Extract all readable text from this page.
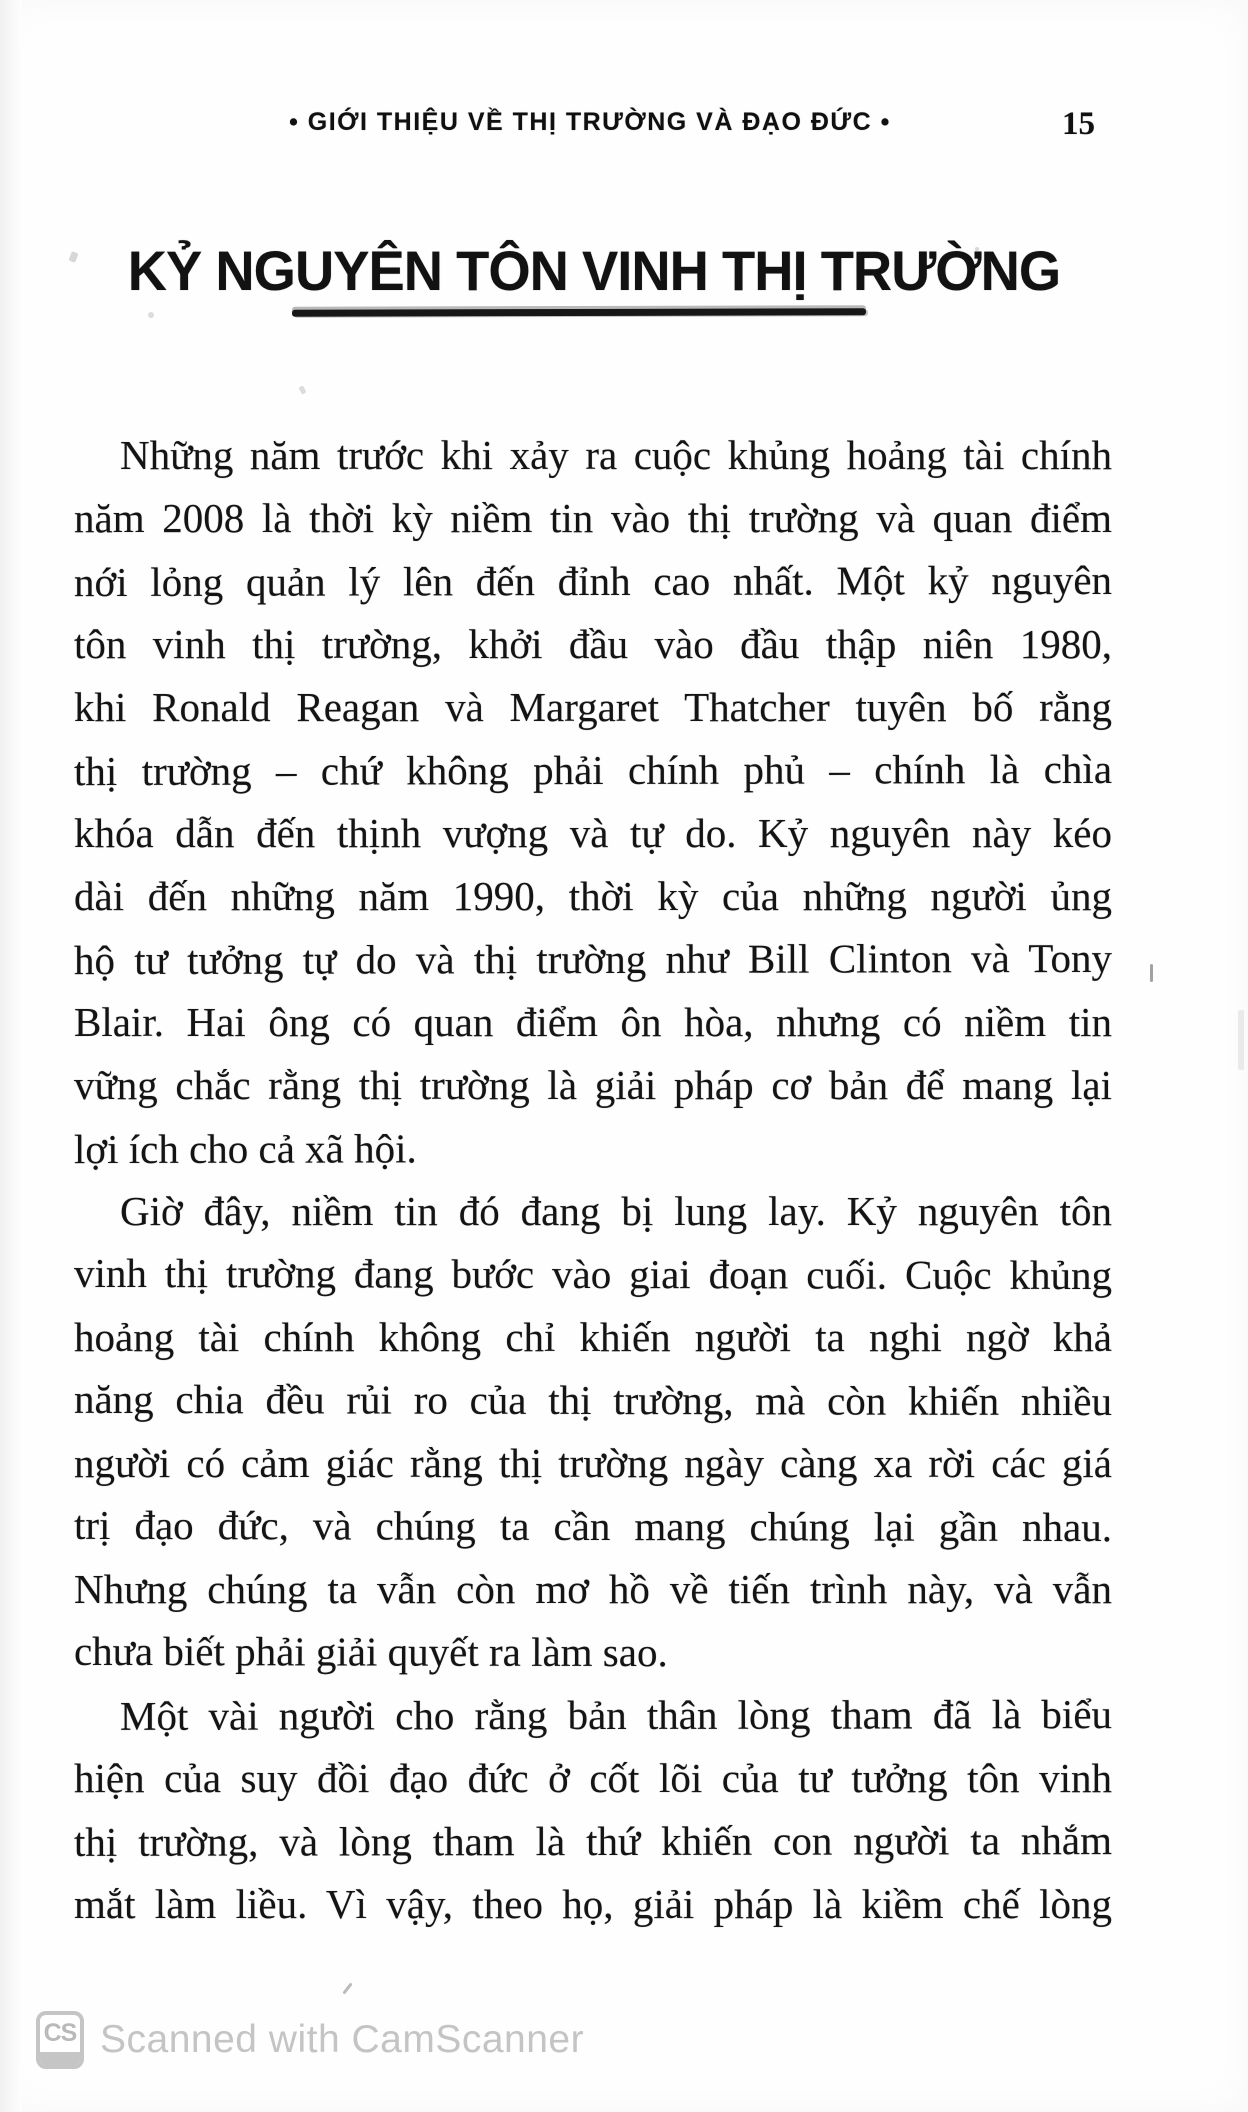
• GIỚI THIỆU VỀ THỊ TRƯỜNG VÀ ĐẠO ĐỨC •	15
KỶ NGUYÊN TÔN VINH THỊ TRƯỜNG
Những năm trước khi xảy ra cuộc khủng hoảng tài chính
năm 2008 là thời kỳ niềm tin vào thị trường và quan điểm
nới lỏng quản lý lên đến đỉnh cao nhất. Một kỷ nguyên
tôn vinh thị trường, khởi đầu vào đầu thập niên 1980,
khi Ronald Reagan và Margaret Thatcher tuyên bố rằng
thị trường – chứ không phải chính phủ – chính là chìa
khóa dẫn đến thịnh vượng và tự do. Kỷ nguyên này kéo
dài đến những năm 1990, thời kỳ của những người ủng
hộ tư tưởng tự do và thị trường như Bill Clinton và Tony
Blair. Hai ông có quan điểm ôn hòa, nhưng có niềm tin
vững chắc rằng thị trường là giải pháp cơ bản để mang lại
lợi ích cho cả xã hội.
Giờ đây, niềm tin đó đang bị lung lay. Kỷ nguyên tôn
vinh thị trường đang bước vào giai đoạn cuối. Cuộc khủng
hoảng tài chính không chỉ khiến người ta nghi ngờ khả
năng chia đều rủi ro của thị trường, mà còn khiến nhiều
người có cảm giác rằng thị trường ngày càng xa rời các giá
trị đạo đức, và chúng ta cần mang chúng lại gần nhau.
Nhưng chúng ta vẫn còn mơ hồ về tiến trình này, và vẫn
chưa biết phải giải quyết ra làm sao.
Một vài người cho rằng bản thân lòng tham đã là biểu
hiện của suy đồi đạo đức ở cốt lõi của tư tưởng tôn vinh
thị trường, và lòng tham là thứ khiến con người ta nhắm
mắt làm liều. Vì vậy, theo họ, giải pháp là kiềm chế lòng
CS Scanned with CamScanner
